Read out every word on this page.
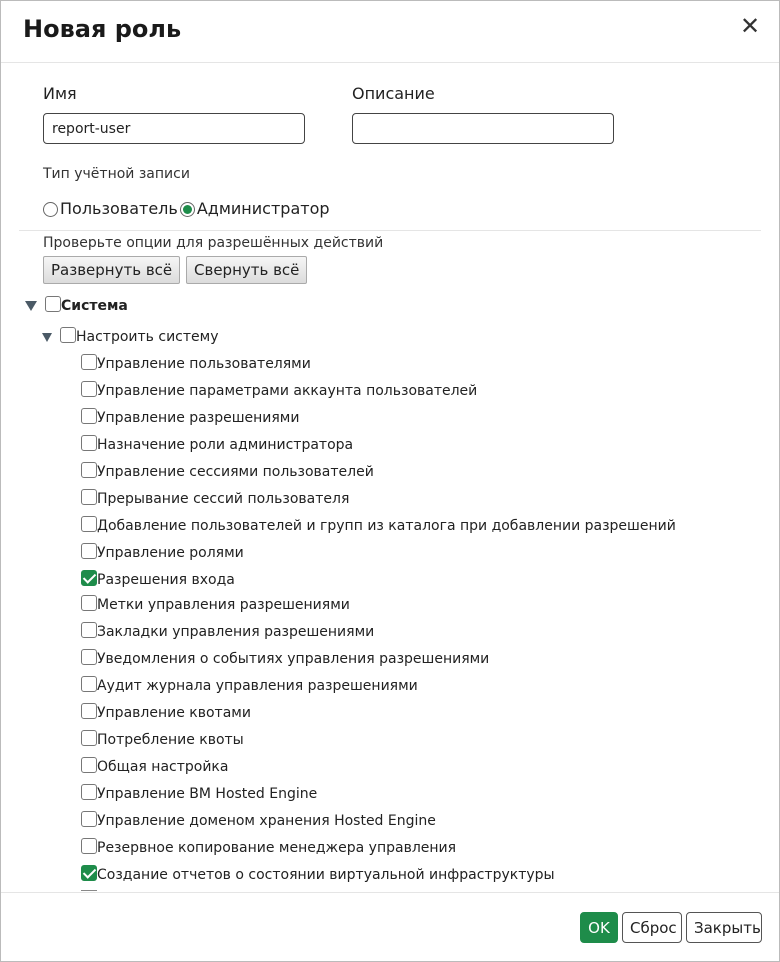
Новая роль	✕
Имя
report-user	Описание
Тип учётной записи
Пользователь Администратор
Проверьте опции для разрешённых действий
Развернуть всё	Свернуть всё
Система
Настроить систему
Управление пользователями
Управление параметрами аккаунта пользователей
Управление разрешениями
Назначение роли администратора
Управление сессиями пользователей
Прерывание сессий пользователя
Добавление пользователей и групп из каталога при добавлении разрешений
Управление ролями
Разрешения входа
Метки управления разрешениями
Закладки управления разрешениями
Уведомления о событиях управления разрешениями
Аудит журнала управления разрешениями
Управление квотами
Потребление квоты
Общая настройка
Управление ВМ Hosted Engine
Управление доменом хранения Hosted Engine
Резервное копирование менеджера управления
Создание отчетов о состоянии виртуальной инфраструктуры
OK	Сброс	Закрыть
